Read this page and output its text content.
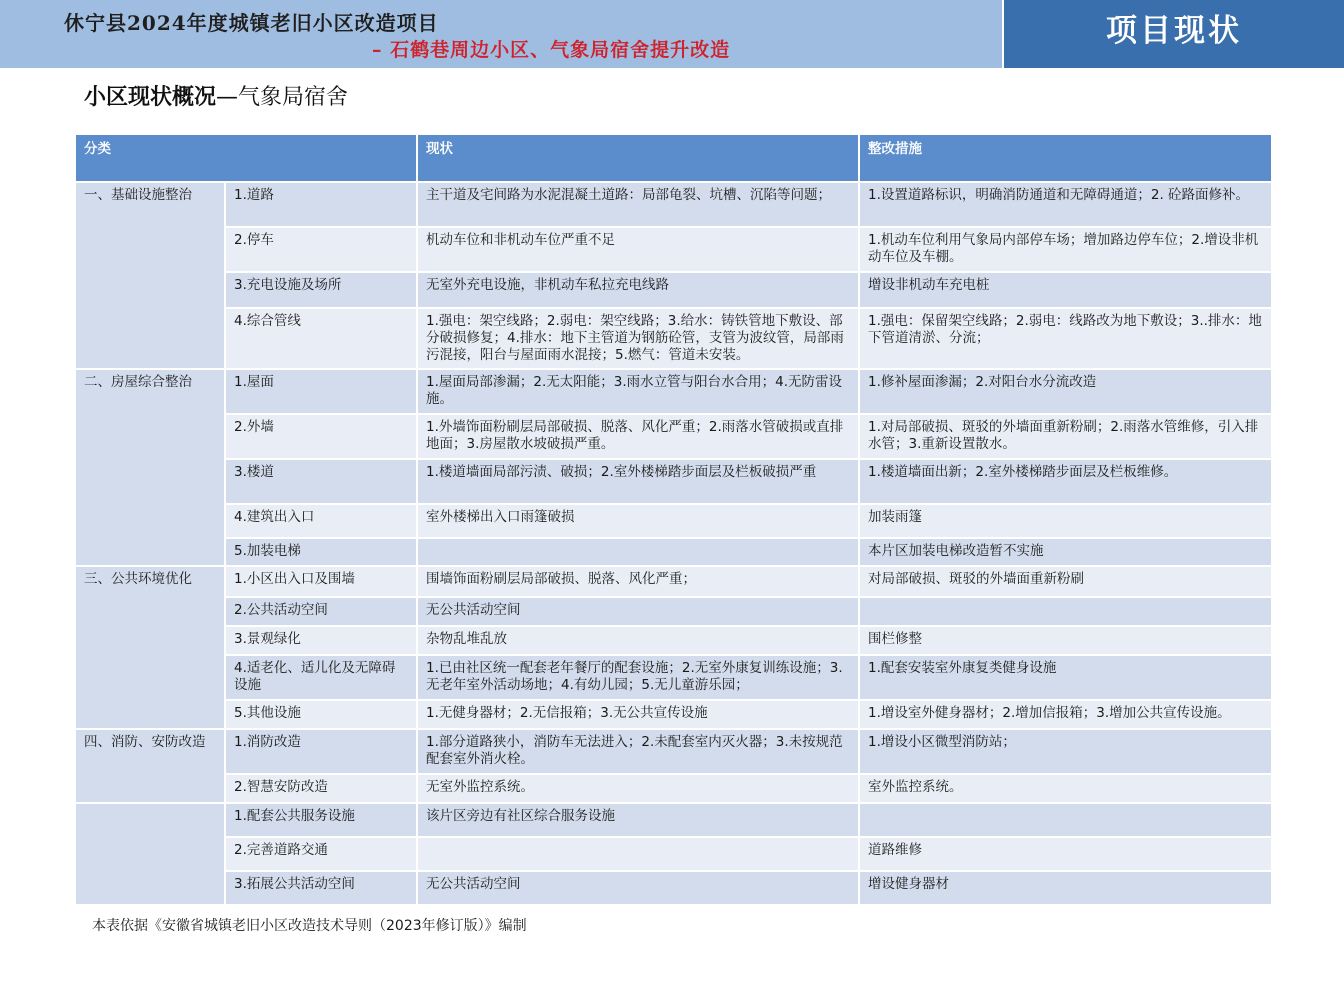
休宁县2024年度城镇老旧小区改造项目
– 石鹤巷周边小区、气象局宿舍提升改造
项目现状
小区现状概况—气象局宿舍
分类		现状	整改措施
一、基础设施整治	1.道路	主干道及宅间路为水泥混凝土道路：局部龟裂、坑槽、沉陷等问题；	1.设置道路标识，明确消防通道和无障碍通道；2. 砼路面修补。
	2.停车	机动车位和非机动车位严重不足	1.机动车位利用气象局内部停车场；增加路边停车位；2.增设非机动车位及车棚。
	3.充电设施及场所	无室外充电设施，非机动车私拉充电线路	增设非机动车充电桩
	4.综合管线	1.强电：架空线路；2.弱电：架空线路；3.给水：铸铁管地下敷设、部分破损修复；4.排水：地下主管道为钢筋砼管，支管为波纹管，局部雨污混接，阳台与屋面雨水混接；5.燃气：管道未安装。	1.强电：保留架空线路；2.弱电：线路改为地下敷设；3..排水：地下管道清淤、分流；
二、房屋综合整治	1.屋面	1.屋面局部渗漏；2.无太阳能；3.雨水立管与阳台水合用；4.无防雷设施。	1.修补屋面渗漏；2.对阳台水分流改造
	2.外墙	1.外墙饰面粉刷层局部破损、脱落、风化严重；2.雨落水管破损或直排地面；3.房屋散水坡破损严重。	1.对局部破损、斑驳的外墙面重新粉刷；2.雨落水管维修，引入排水管；3.重新设置散水。
	3.楼道	1.楼道墙面局部污渍、破损；2.室外楼梯踏步面层及栏板破损严重	1.楼道墙面出新；2.室外楼梯踏步面层及栏板维修。
	4.建筑出入口	室外楼梯出入口雨篷破损	加装雨篷
	5.加装电梯		本片区加装电梯改造暂不实施
三、公共环境优化	1.小区出入口及围墙	围墙饰面粉刷层局部破损、脱落、风化严重；	对局部破损、斑驳的外墙面重新粉刷
	2.公共活动空间	无公共活动空间	
	3.景观绿化	杂物乱堆乱放	围栏修整
	4.适老化、适儿化及无障碍设施	1.已由社区统一配套老年餐厅的配套设施；2.无室外康复训练设施；3.无老年室外活动场地；4.有幼儿园；5.无儿童游乐园；	1.配套安装室外康复类健身设施
	5.其他设施	1.无健身器材；2.无信报箱；3.无公共宣传设施	1.增设室外健身器材；2.增加信报箱；3.增加公共宣传设施。
四、消防、安防改造	1.消防改造	1.部分道路狭小，消防车无法进入；2.未配套室内灭火器；3.未按规范配套室外消火栓。	1.增设小区微型消防站；
	2.智慧安防改造	无室外监控系统。	室外监控系统。
	1.配套公共服务设施	该片区旁边有社区综合服务设施	
	2.完善道路交通		道路维修
	3.拓展公共活动空间	无公共活动空间	增设健身器材
本表依据《安徽省城镇老旧小区改造技术导则（2023年修订版）》编制
